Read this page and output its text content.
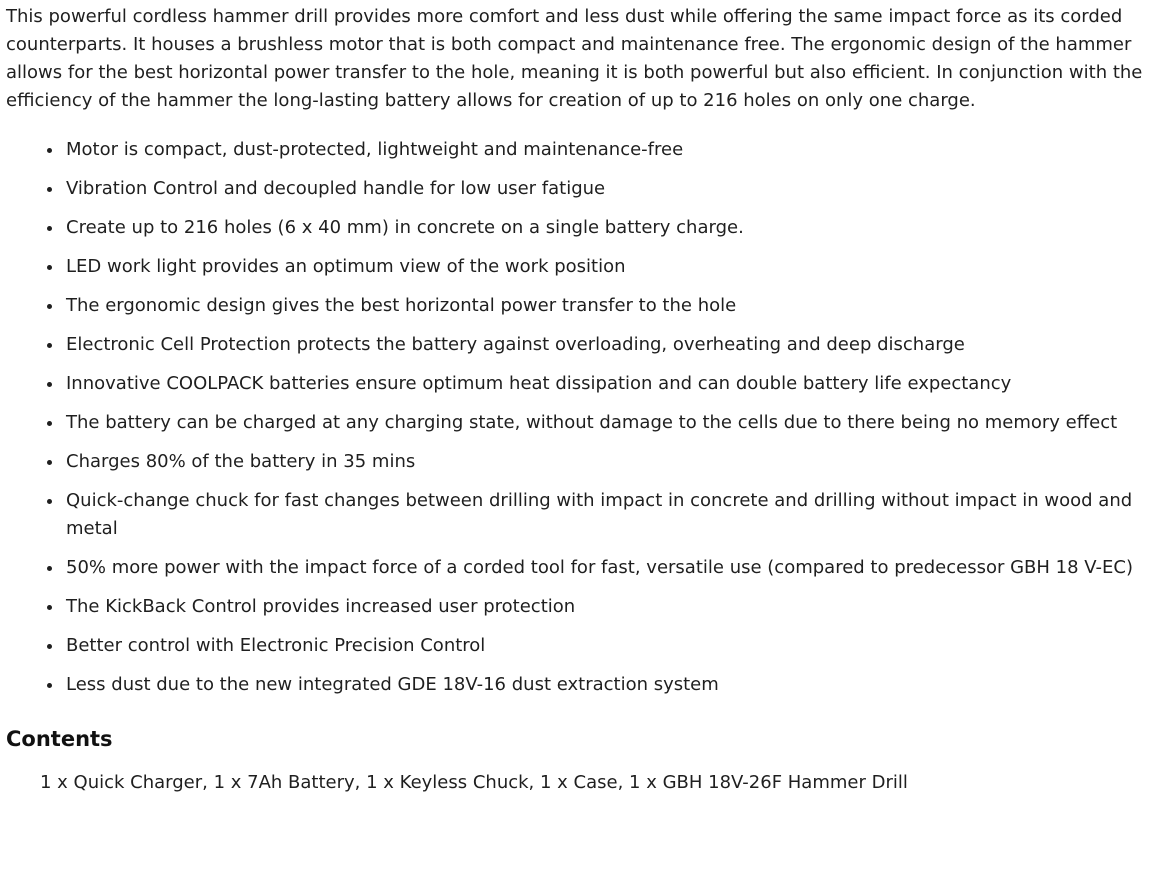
This powerful cordless hammer drill provides more comfort and less dust while offering the same impact force as its corded counterparts. It houses a brushless motor that is both compact and maintenance free. The ergonomic design of the hammer allows for the best horizontal power transfer to the hole, meaning it is both powerful but also efficient. In conjunction with the efficiency of the hammer the long-lasting battery allows for creation of up to 216 holes on only one charge.

• Motor is compact, dust-protected, lightweight and maintenance-free
• Vibration Control and decoupled handle for low user fatigue
• Create up to 216 holes (6 x 40 mm) in concrete on a single battery charge.
• LED work light provides an optimum view of the work position
• The ergonomic design gives the best horizontal power transfer to the hole
• Electronic Cell Protection protects the battery against overloading, overheating and deep discharge
• Innovative COOLPACK batteries ensure optimum heat dissipation and can double battery life expectancy
• The battery can be charged at any charging state, without damage to the cells due to there being no memory effect
• Charges 80% of the battery in 35 mins
• Quick-change chuck for fast changes between drilling with impact in concrete and drilling without impact in wood and metal
• 50% more power with the impact force of a corded tool for fast, versatile use (compared to predecessor GBH 18 V-EC)
• The KickBack Control provides increased user protection
• Better control with Electronic Precision Control
• Less dust due to the new integrated GDE 18V-16 dust extraction system
Contents

1 x Quick Charger, 1 x 7Ah Battery, 1 x Keyless Chuck, 1 x Case, 1 x GBH 18V-26F Hammer Drill
